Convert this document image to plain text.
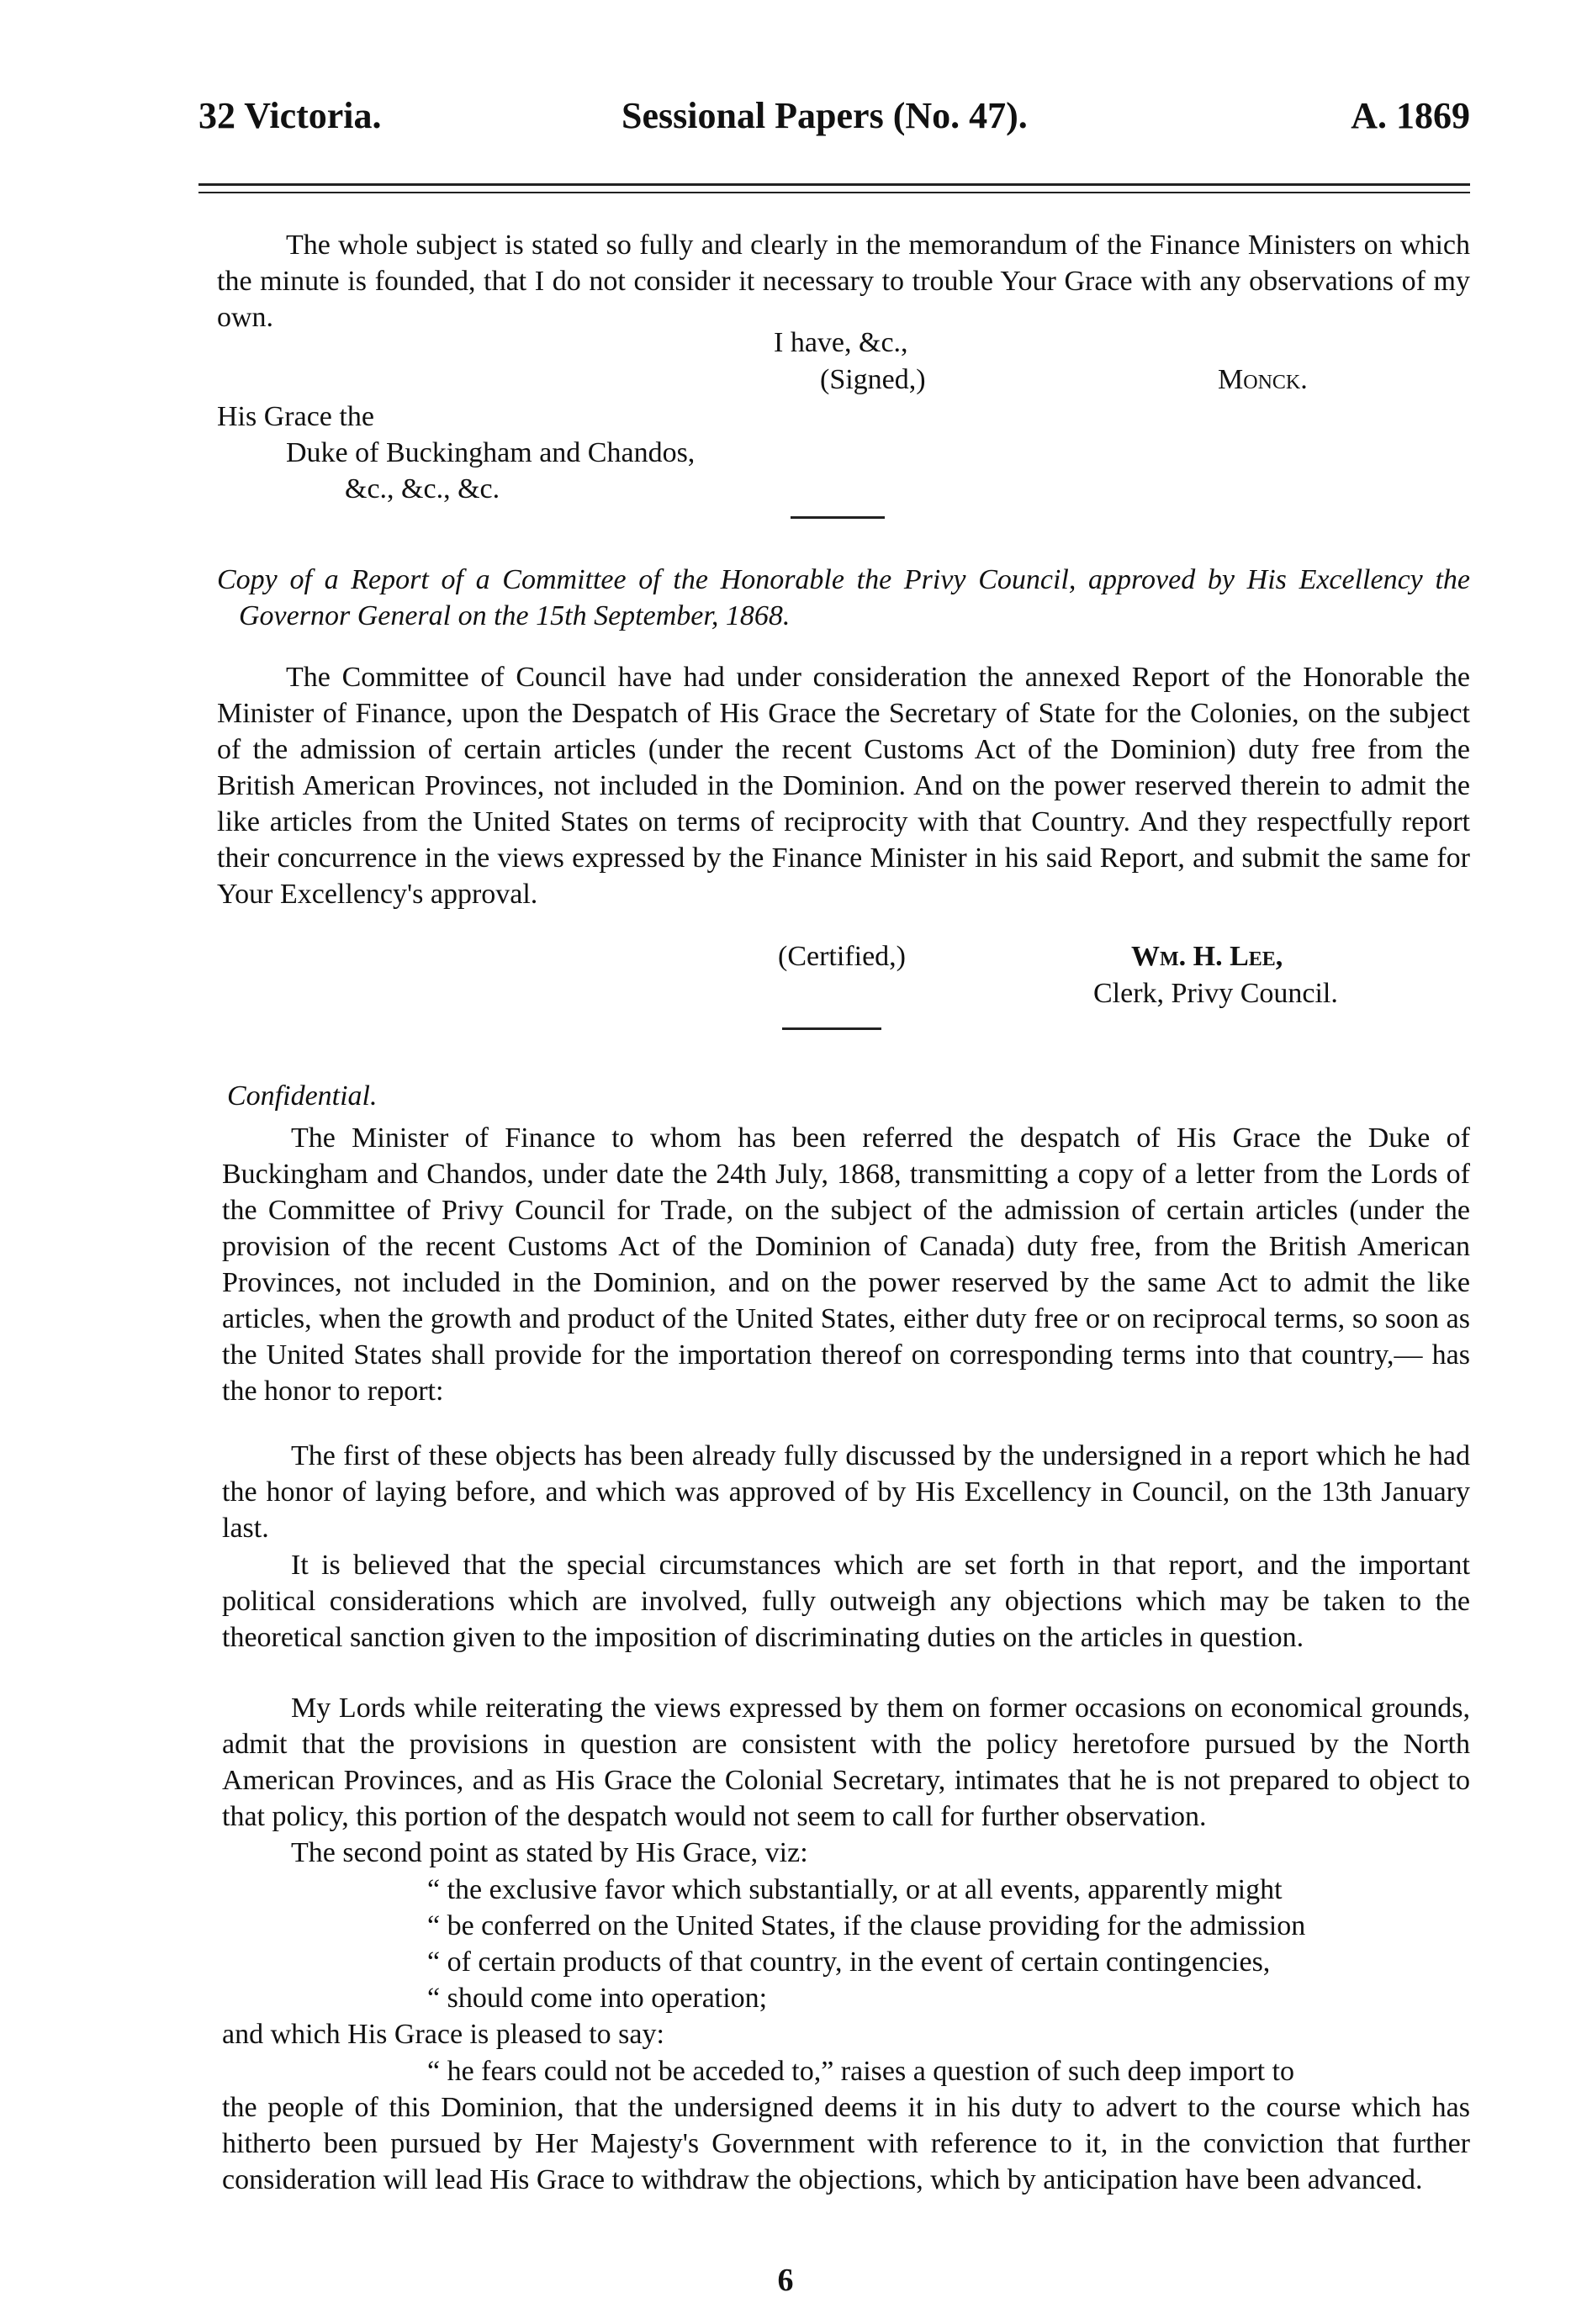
32 Victoria.	Sessional Papers (No. 47).	A. 1869

The whole subject is stated so fully and clearly in the memorandum of the Finance Ministers on which the minute is founded, that I do not consider it necessary to trouble Your Grace with any observations of my own.

I have, &c.,
(Signed,)	Monck.
His Grace the
Duke of Buckingham and Chandos,
&c., &c., &c.

Copy of a Report of a Committee of the Honorable the Privy Council, approved by His Excellency the Governor General on the 15th September, 1868.

The Committee of Council have had under consideration the annexed Report of the Honorable the Minister of Finance, upon the Despatch of His Grace the Secretary of State for the Colonies, on the subject of the admission of certain articles (under the recent Customs Act of the Dominion) duty free from the British American Provinces, not included in the Dominion. And on the power reserved therein to admit the like articles from the United States on terms of reciprocity with that Country. And they respectfully report their concurrence in the views expressed by the Finance Minister in his said Report, and submit the same for Your Excellency's approval.

(Certified,)	Wm. H. Lee,
Clerk, Privy Council.
Confidential.

The Minister of Finance to whom has been referred the despatch of His Grace the Duke of Buckingham and Chandos, under date the 24th July, 1868, transmitting a copy of a letter from the Lords of the Committee of Privy Council for Trade, on the subject of the admission of certain articles (under the provision of the recent Customs Act of the Dominion of Canada) duty free, from the British American Provinces, not included in the Dominion, and on the power reserved by the same Act to admit the like articles, when the growth and product of the United States, either duty free or on reciprocal terms, so soon as the United States shall provide for the importation thereof on corresponding terms into that country,— has the honor to report:

The first of these objects has been already fully discussed by the undersigned in a report which he had the honor of laying before, and which was approved of by His Excellency in Council, on the 13th January last.

It is believed that the special circumstances which are set forth in that report, and the important political considerations which are involved, fully outweigh any objections which may be taken to the theoretical sanction given to the imposition of discriminating duties on the articles in question.

My Lords while reiterating the views expressed by them on former occasions on economical grounds, admit that the provisions in question are consistent with the policy heretofore pursued by the North American Provinces, and as His Grace the Colonial Secretary, intimates that he is not prepared to object to that policy, this portion of the despatch would not seem to call for further observation.

The second point as stated by His Grace, viz:
“ the exclusive favor which substantially, or at all events, apparently might
“ be conferred on the United States, if the clause providing for the admission
“ of certain products of that country, in the event of certain contingencies,
“ should come into operation;
and which His Grace is pleased to say:
“ he fears could not be acceded to,” raises a question of such deep import to

the people of this Dominion, that the undersigned deems it in his duty to advert to the course which has hitherto been pursued by Her Majesty's Government with reference to it, in the conviction that further consideration will lead His Grace to withdraw the objections, which by anticipation have been advanced.

6
